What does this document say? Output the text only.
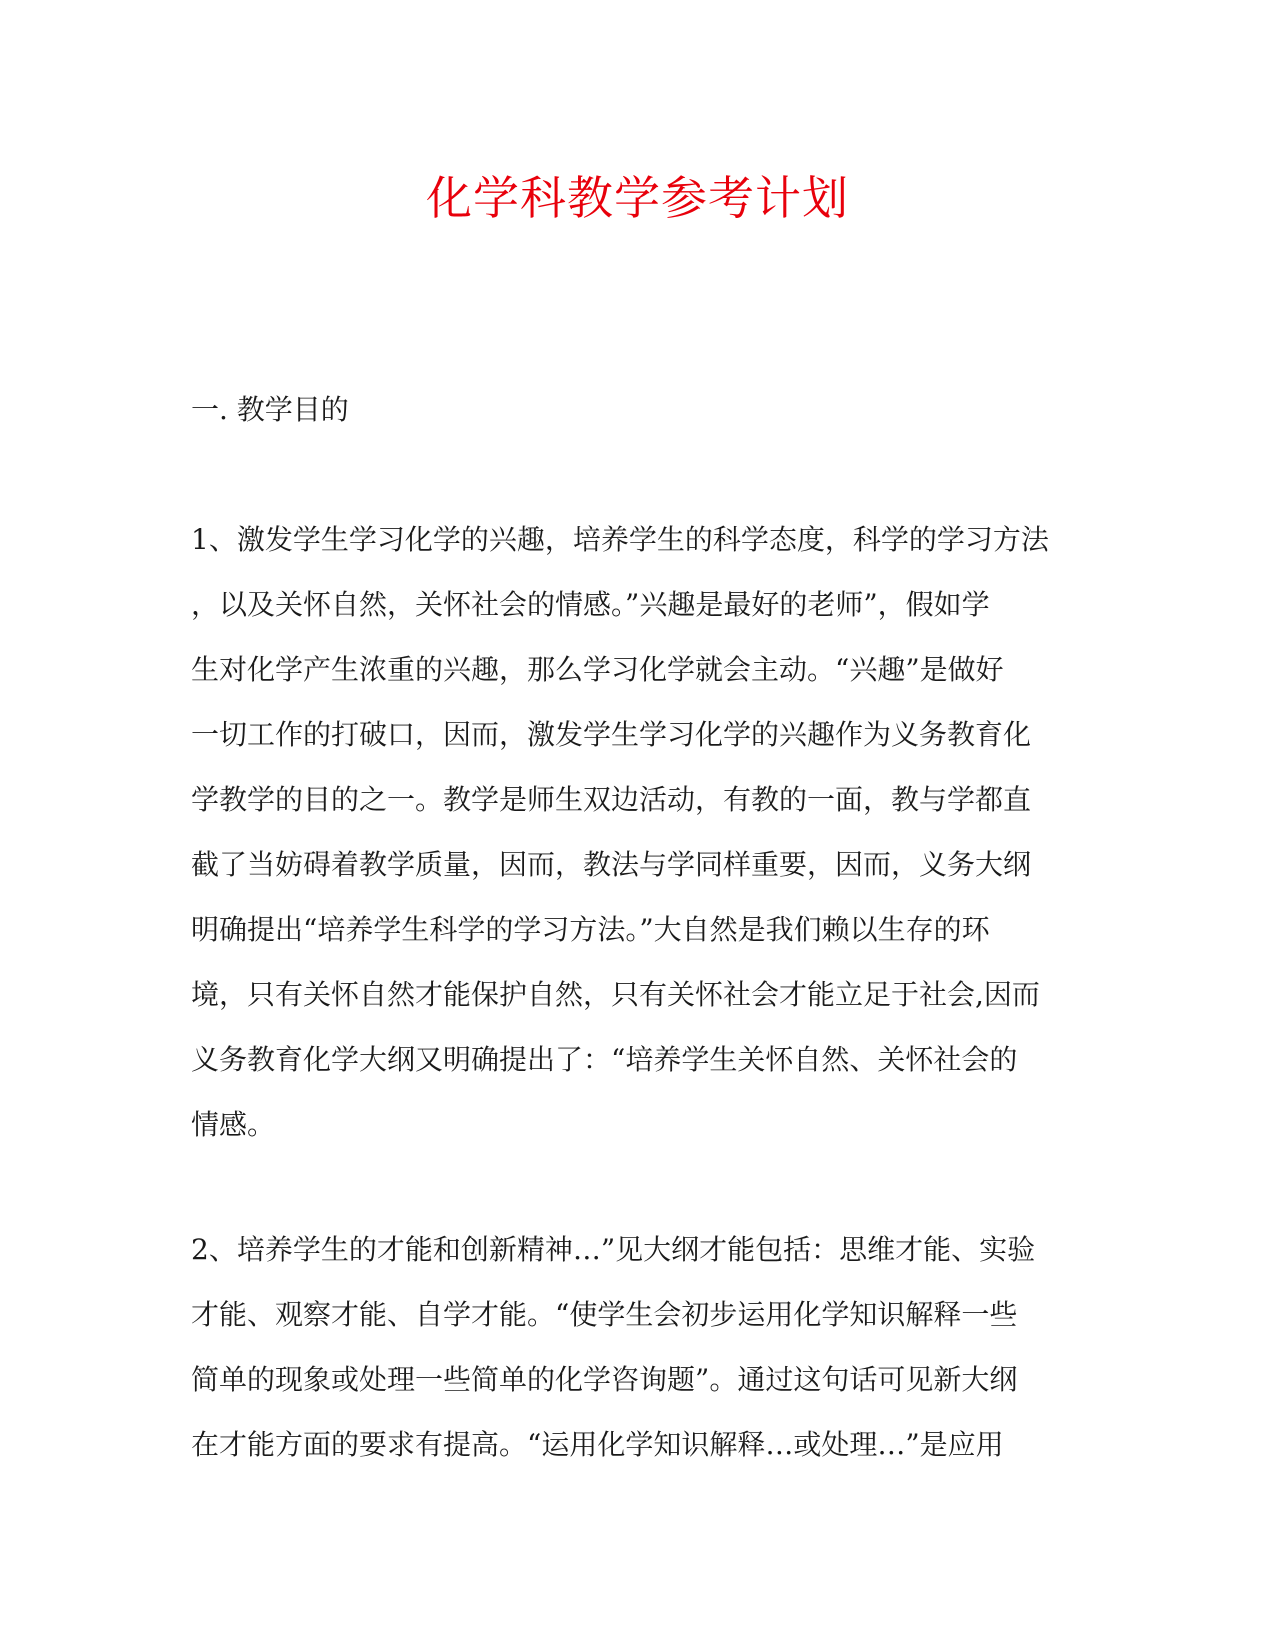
化学科教学参考计划
一. 教学目的
1、激发学生学习化学的兴趣，培养学生的科学态度，科学的学习方法
，以及关怀自然，关怀社会的情感。”兴趣是最好的老师”，假如学
生对化学产生浓重的兴趣，那么学习化学就会主动。“兴趣”是做好
一切工作的打破口，因而，激发学生学习化学的兴趣作为义务教育化
学教学的目的之一。教学是师生双边活动，有教的一面，教与学都直
截了当妨碍着教学质量，因而，教法与学同样重要，因而，义务大纲
明确提出“培养学生科学的学习方法。”大自然是我们赖以生存的环
境，只有关怀自然才能保护自然，只有关怀社会才能立足于社会,因而
义务教育化学大纲又明确提出了：“培养学生关怀自然、关怀社会的
情感。
2、培养学生的才能和创新精神…”见大纲才能包括：思维才能、实验
才能、观察才能、自学才能。“使学生会初步运用化学知识解释一些
简单的现象或处理一些简单的化学咨询题”。通过这句话可见新大纲
在才能方面的要求有提高。“运用化学知识解释…或处理…”是应用
